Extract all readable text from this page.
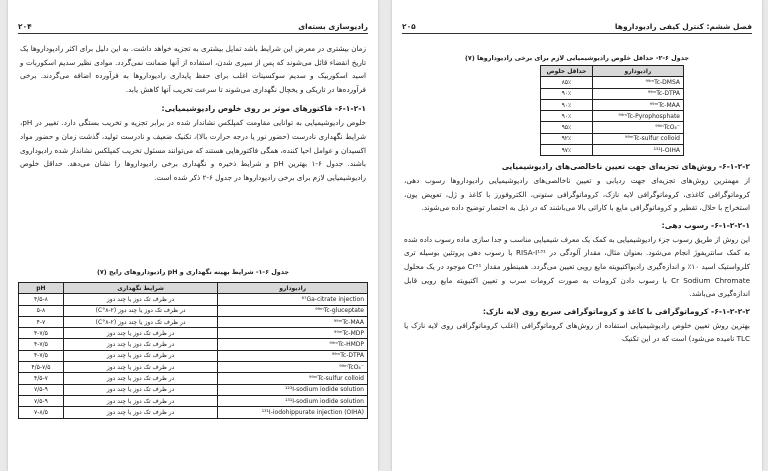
۲۰۴	رادیوسازی بسته‌ای

زمان بیشتری در معرض این شرایط باشد تمایل بیشتری به تجزیه خواهد داشت. به این دلیل برای اکثر رادیوداروها یک تاریخ انقضاء قائل می‌شوند که پس از سپری شدن، استفاده از آنها ضمانت نمی‌گردد. موادی نظیر سدیم اسکوربات و اسید اسکوربیک و سدیم سوکسینات اغلب برای حفظ پایداری رادیوداروها به فرآورده اضافه می‌گردند. برخی فرآورده‌ها در تاریکی و یخچال نگهداری می‌شوند تا سرعت تخریب آنها کاهش یابد.

۶-۱-۲-۱- فاکتورهای موثر بر روی خلوص رادیوشیمیایی:

خلوص رادیوشیمیایی به توانایی مقاومت کمپلکس نشاندار شده در برابر تجزیه و تخریب بستگی دارد. تغییر در pH، شرایط نگهداری نادرست (حضور نور یا درجه حرارت بالا)، تکنیک ضعیف و نادرست تولید، گذشت زمان و حضور مواد اکسیدان و عوامل احیا کننده، همگی فاکتورهایی هستند که می‌توانند مسئول تخریب کمپلکس نشاندار شده رادیوداروی باشند. جدول ۶-۱ بهترین pH و شرایط ذخیره و نگهداری برخی رادیوداروها را نشان می‌دهد. حداقل خلوص رادیوشیمیایی لازم برای برخی رادیوداروها در جدول ۶-۲ ذکر شده است.

جدول ۶-۱- شرایط بهینه نگهداری و pH رادیوداروهای رایج (۷)
رادیودارو	شرایط نگهداری	pH
⁶⁷Ga-citrate injection	در ظرف تک دوز یا چند دوز	۴/۵-۸
⁹⁹ᵐTc-gluceptate	در ظرف تک دوز یا چند دوز (۲-۸°C)	۵-۸
⁹⁹ᵐTc-MAA	در ظرف تک دوز یا چند دوز (۲-۸°C)	۴-۷
⁹⁹ᵐTc-MDP	در ظرف تک دوز یا چند دوز	۴-۷/۵
⁹⁹ᵐTc-HMDP	در ظرف تک دوز یا چند دوز	۴-۷/۵
⁹⁹ᵐTc-DTPA	در ظرف تک دوز یا چند دوز	۴-۷/۵
⁹⁹ᵐTcO₄⁻	در ظرف تک دوز یا چند دوز	۴/۵-۷/۵
⁹⁹ᵐTc-sulfur colloid	در ظرف تک دوز یا چند دوز	۴/۵-۷
¹²³I-sodium iodide solution	در ظرف تک دوز یا چند دوز	۷/۵-۹
¹³¹I-sodium iodide solution	در ظرف تک دوز یا چند دوز	۷/۵-۹
¹³¹I-iodohippurate injection (OIHA)	در ظرف تک دوز یا چند دوز	۷-۸/۵
۲۰۵	فصل ششم: کنترل کیفی رادیوداروها
جدول ۶-۲- حداقل خلوص رادیوشیمیایی لازم برای برخی رادیوداروها (۷)
رادیودارو	حداقل خلوص
⁹⁹ᵐTc-DMSA	۸۵٪
⁹⁹ᵐTc-DTPA	۹۰٪
⁹⁹ᵐTc-MAA	۹۰٪
⁹⁹ᵐTc-Pyrophosphate	۹۰٪
⁹⁹ᵐTcO₄⁻	۹۵٪
⁹⁹ᵐTc-sulfur colloid	۹۲٪
¹³¹I-OIHA	۹۷٪

۶-۱-۲-۲- روش‌های تجزیه‌ای جهت تعیین ناخالصی‌های رادیوشیمیایی

از مهمترین روش‌های تجزیه‌ای جهت ردیابی و تعیین ناخالصی‌های رادیوشیمیایی رادیوداروها رسوب دهی، کروماتوگرافی کاغذی، کروماتوگرافی لایه نازک، کروماتوگرافی ستونی، الکتروفورز با کاغذ و ژل، تعویض یون، استخراج با حلال، تقطیر و کروماتوگرافی مایع با کارائی بالا می‌باشند که در ذیل به اختصار توضیح داده می‌شوند.

۶-۱-۲-۲-۱- رسوب دهی:

این روش از طریق رسوب جزء رادیوشیمیایی به کمک یک معرف شیمیایی مناسب و جدا سازی ماده رسوب داده شده به کمک سانتریفوژ انجام می‌شود. بعنوان مثال، مقدار آلودگی در RISA-I¹³¹ با رسوب دهی پروتئین بوسیله تری کلرواستیک اسید ۱۰٪ و اندازه‌گیری رادیواکتیویته مایع رویی تعیین می‌گردد. همینطور مقدار Cr⁵¹ موجود در یک محلول Cr Sodium Chromate با رسوب دادن کرومات به صورت کرومات سرب و تعیین اکتیویته مایع رویی قابل اندازه‌گیری می‌باشد.

۶-۱-۲-۲-۲- کروماتوگرافی با کاغذ و کروماتوگرافی سریع روی لایه نازک:

بهترین روش تعیین خلوص رادیوشیمیایی استفاده از روش‌های کروماتوگرافی (اغلب کروماتوگرافی روی لایه نازک یا TLC نامیده می‌شود) است که در این تکنیک
